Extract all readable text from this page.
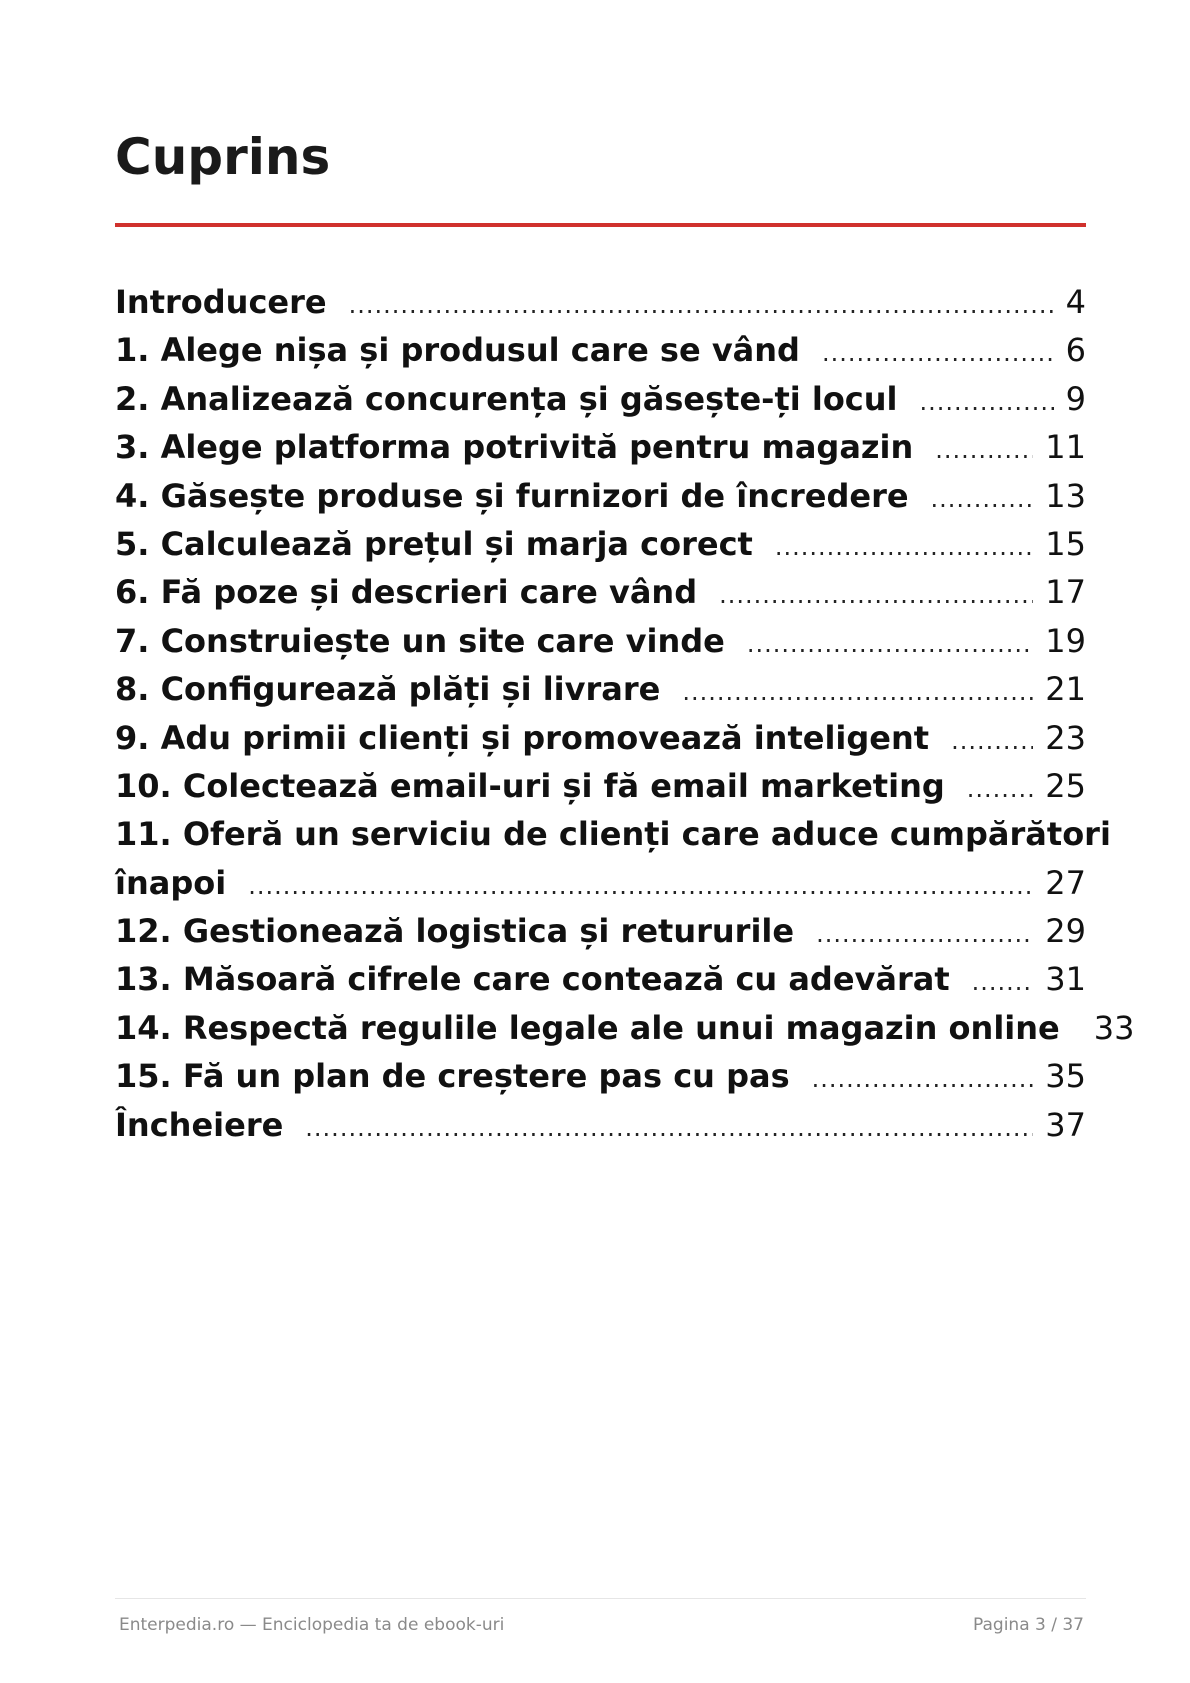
Cuprins
Introducere .....	4
1. Alege nișa și produsul care se vând .....	6
2. Analizează concurența și găsește-ți locul .....	9
3. Alege platforma potrivită pentru magazin .....	11
4. Găsește produse și furnizori de încredere .....	13
5. Calculează prețul și marja corect .....	15
6. Fă poze și descrieri care vând .....	17
7. Construiește un site care vinde .....	19
8. Configurează plăți și livrare .....	21
9. Adu primii clienți și promovează inteligent .....	23
10. Colectează email-uri și fă email marketing .....	25
11. Oferă un serviciu de clienți care aduce cumpărători
înapoi .....	27
12. Gestionează logistica și retururile .....	29
13. Măsoară cifrele care contează cu adevărat .....	31
14. Respectă regulile legale ale unui magazin online 33
15. Fă un plan de creștere pas cu pas .....	35
Încheiere .....	37
Enterpedia.ro — Enciclopedia ta de ebook-uri	Pagina 3 / 37
